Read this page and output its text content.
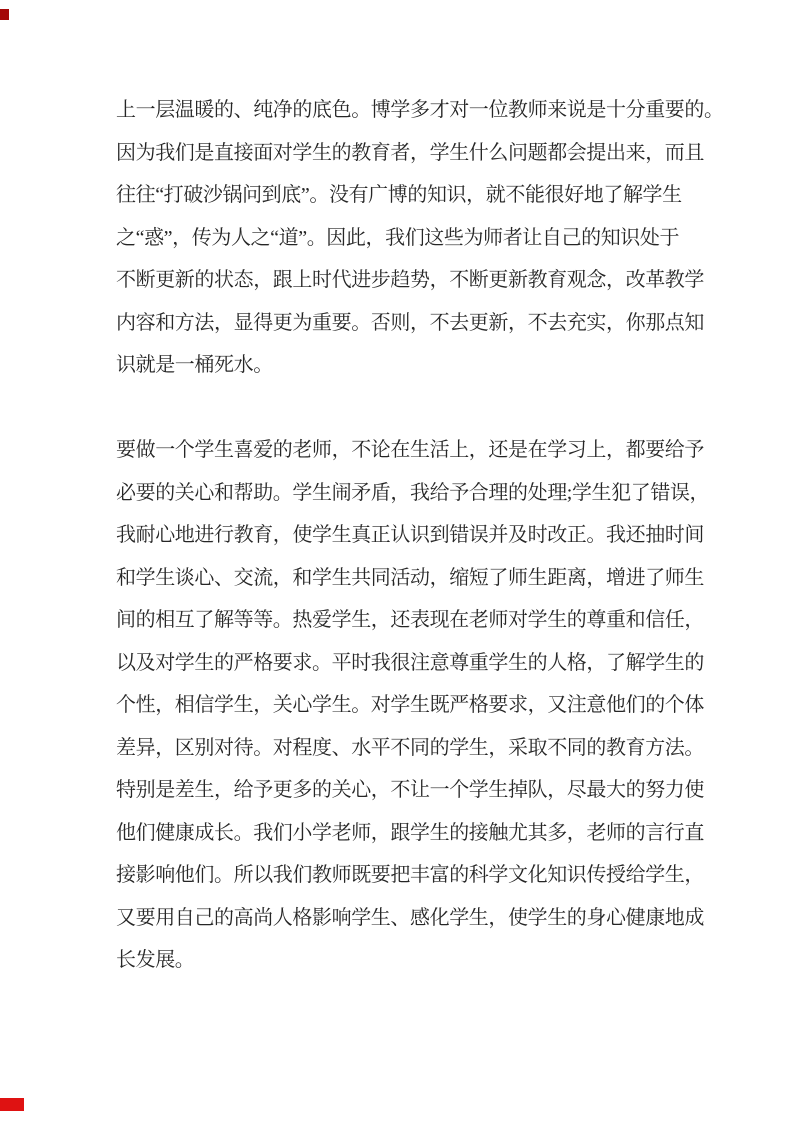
上一层温暖的、纯净的底色。博学多才对一位教师来说是十分重要的。
因为我们是直接面对学生的教育者，学生什么问题都会提出来，而且
往往“打破沙锅问到底”。没有广博的知识，就不能很好地了解学生
之“惑”，传为人之“道”。因此，我们这些为师者让自己的知识处于
不断更新的状态，跟上时代进步趋势，不断更新教育观念，改革教学
内容和方法，显得更为重要。否则，不去更新，不去充实，你那点知
识就是一桶死水。
要做一个学生喜爱的老师，不论在生活上，还是在学习上，都要给予
必要的关心和帮助。学生闹矛盾，我给予合理的处理;学生犯了错误，
我耐心地进行教育，使学生真正认识到错误并及时改正。我还抽时间
和学生谈心、交流，和学生共同活动，缩短了师生距离，增进了师生
间的相互了解等等。热爱学生，还表现在老师对学生的尊重和信任，
以及对学生的严格要求。平时我很注意尊重学生的人格，了解学生的
个性，相信学生，关心学生。对学生既严格要求，又注意他们的个体
差异，区别对待。对程度、水平不同的学生，采取不同的教育方法。
特别是差生，给予更多的关心，不让一个学生掉队，尽最大的努力使
他们健康成长。我们小学老师，跟学生的接触尤其多，老师的言行直
接影响他们。所以我们教师既要把丰富的科学文化知识传授给学生，
又要用自己的高尚人格影响学生、感化学生，使学生的身心健康地成
长发展。
